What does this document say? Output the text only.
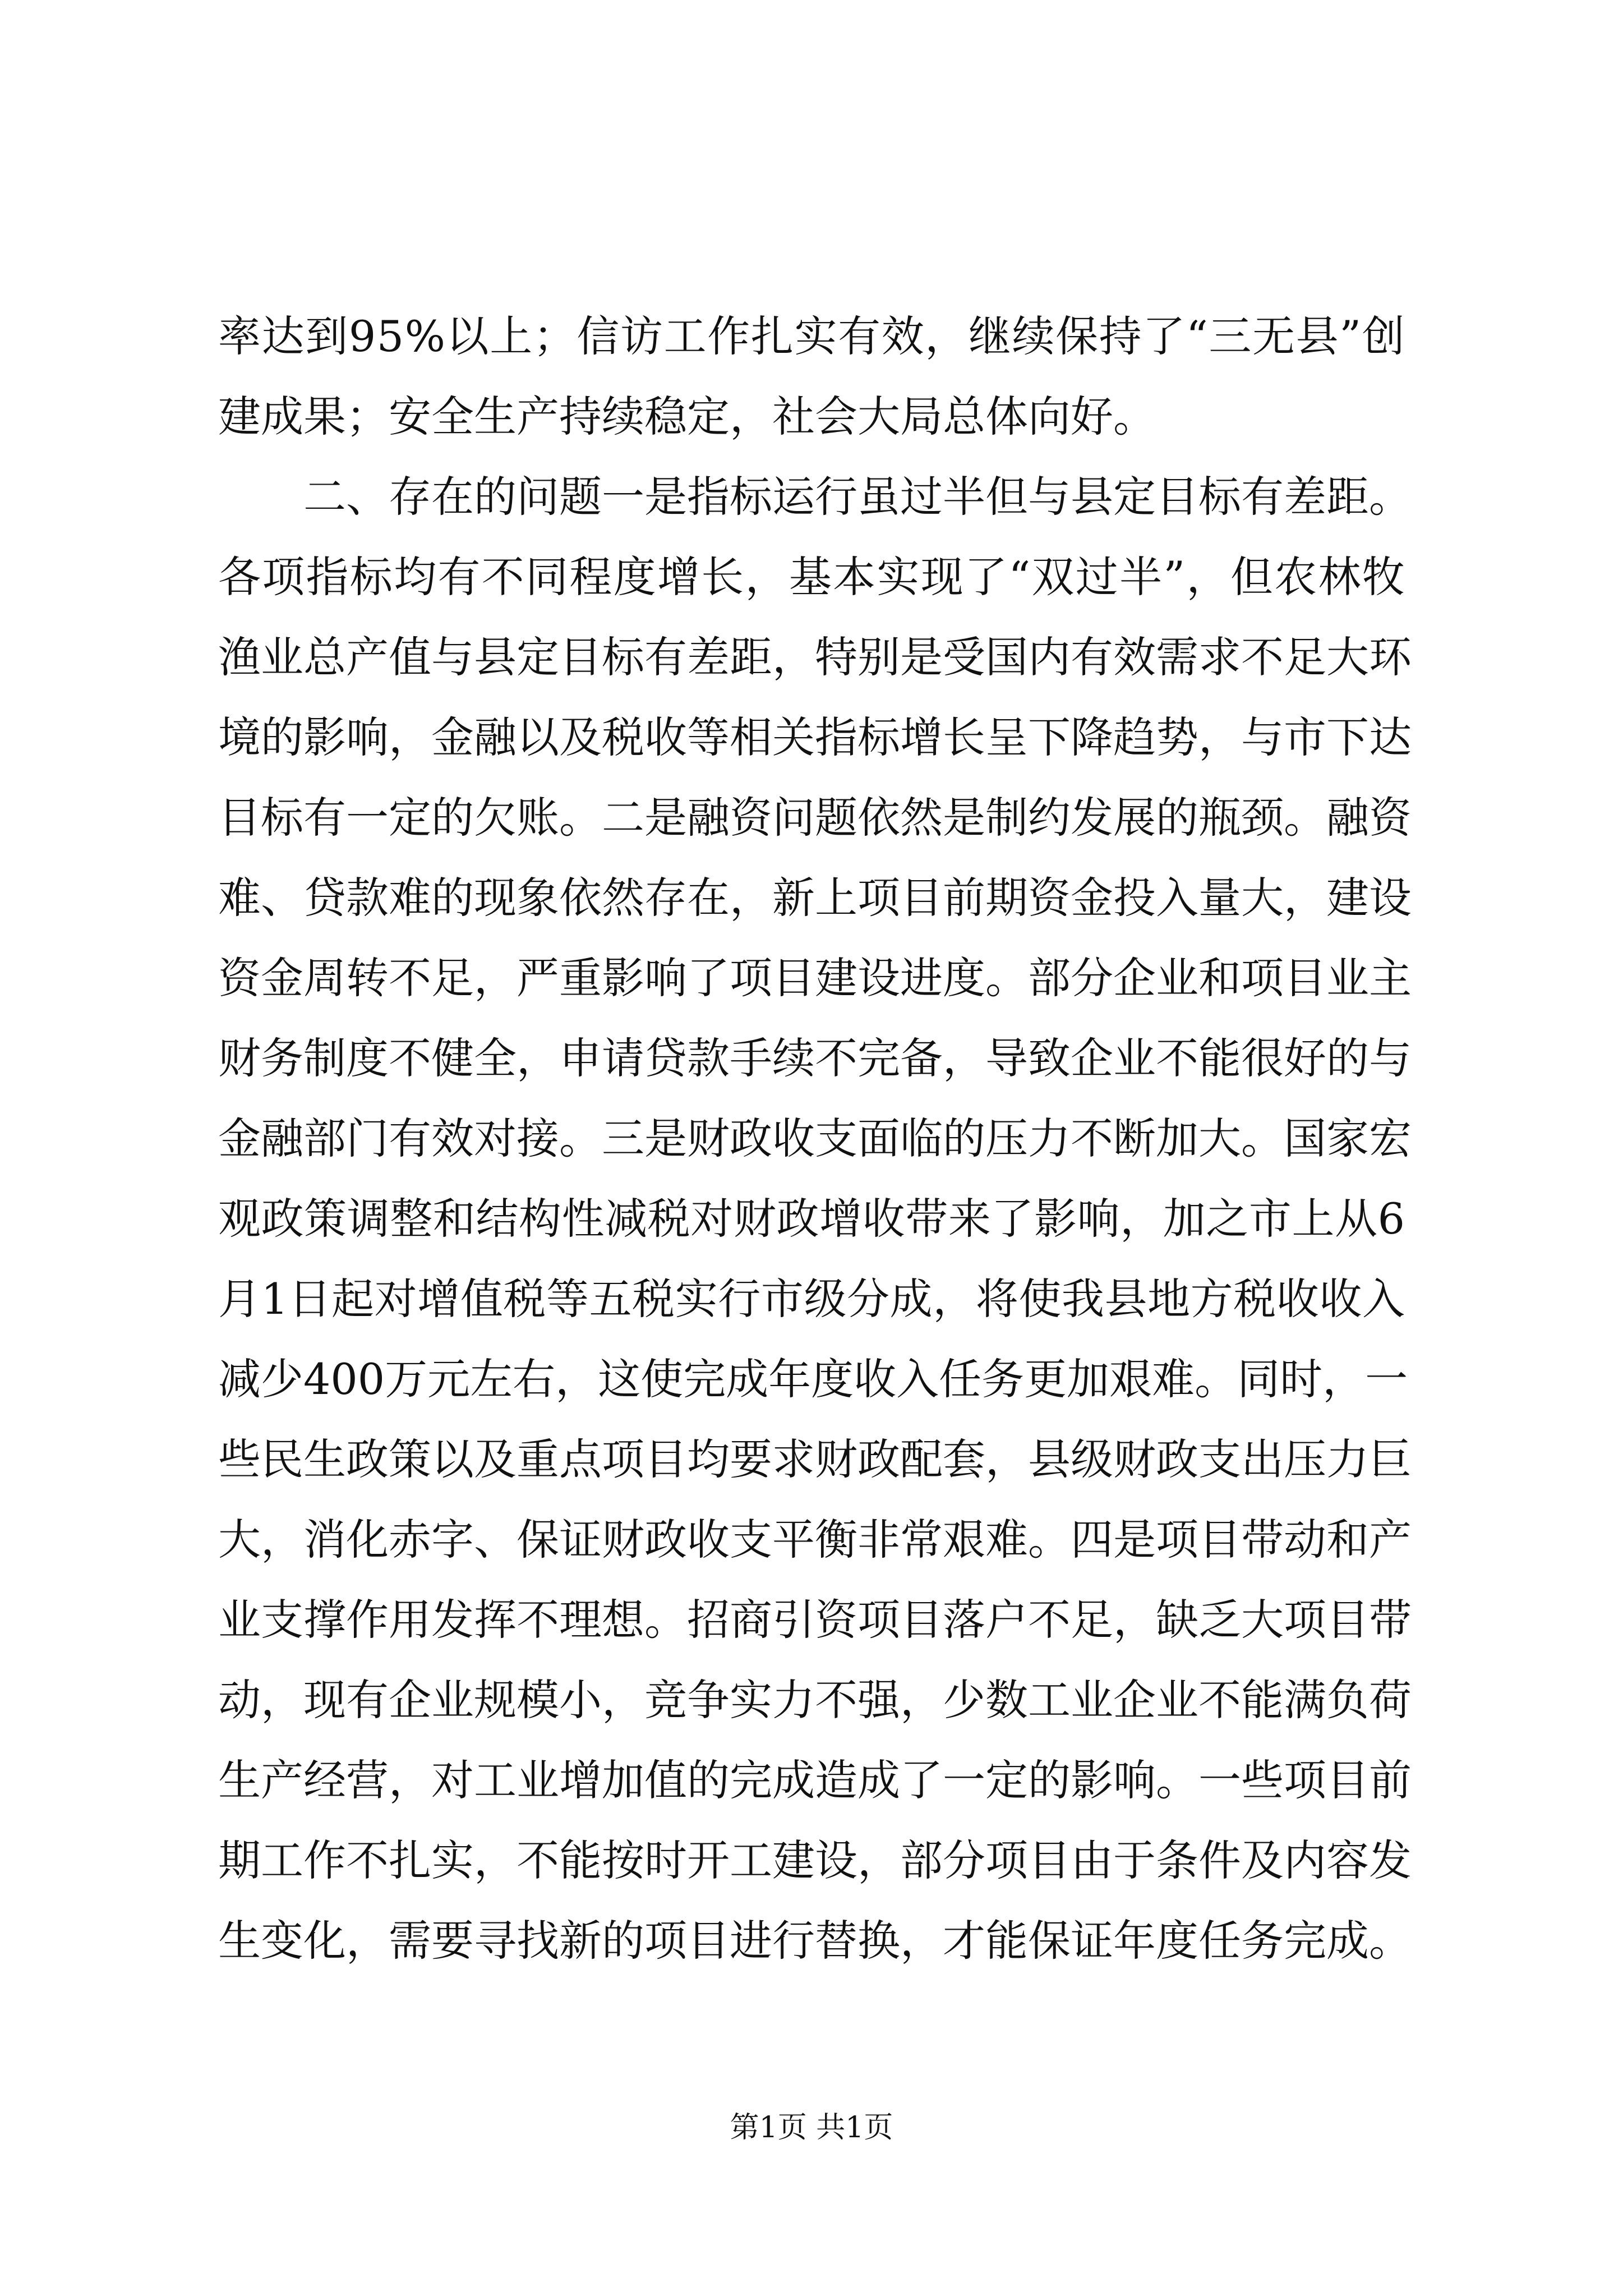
率 达 到 9 5 % 以 上 ； 信 访 工 作 扎 实 有 效 ， 继 续 保 持 了 “ 三 无 县 ” 创
建成果；安全生产持续稳定，社会大局总体向好。
二 、 存 在 的 问 题 一 是 指 标 运 行 虽 过 半 但 与 县 定 目 标 有 差 距 。
各 项 指 标 均 有 不 同 程 度 增 长 ， 基 本 实 现 了 “ 双 过 半 ” ， 但 农 林 牧
渔 业 总 产 值 与 县 定 目 标 有 差 距 ， 特 别 是 受 国 内 有 效 需 求 不 足 大 环
境 的 影 响 ， 金 融 以 及 税 收 等 相 关 指 标 增 长 呈 下 降 趋 势 ， 与 市 下 达
目 标 有 一 定 的 欠 账 。 二 是 融 资 问 题 依 然 是 制 约 发 展 的 瓶 颈 。 融 资
难 、 贷 款 难 的 现 象 依 然 存 在 ， 新 上 项 目 前 期 资 金 投 入 量 大 ， 建 设
资 金 周 转 不 足 ， 严 重 影 响 了 项 目 建 设 进 度 。 部 分 企 业 和 项 目 业 主
财 务 制 度 不 健 全 ， 申 请 贷 款 手 续 不 完 备 ， 导 致 企 业 不 能 很 好 的 与
金 融 部 门 有 效 对 接 。 三 是 财 政 收 支 面 临 的 压 力 不 断 加 大 。 国 家 宏
观 政 策 调 整 和 结 构 性 减 税 对 财 政 增 收 带 来 了 影 响 ， 加 之 市 上 从 6
月 1 日 起 对 增 值 税 等 五 税 实 行 市 级 分 成 ， 将 使 我 县 地 方 税 收 收 入
减 少 4 0 0 万 元 左 右 ， 这 使 完 成 年 度 收 入 任 务 更 加 艰 难 。 同 时 ， 一
些 民 生 政 策 以 及 重 点 项 目 均 要 求 财 政 配 套 ， 县 级 财 政 支 出 压 力 巨
大 ， 消 化 赤 字 、 保 证 财 政 收 支 平 衡 非 常 艰 难 。 四 是 项 目 带 动 和 产
业 支 撑 作 用 发 挥 不 理 想 。 招 商 引 资 项 目 落 户 不 足 ， 缺 乏 大 项 目 带
动 ， 现 有 企 业 规 模 小 ， 竞 争 实 力 不 强 ， 少 数 工 业 企 业 不 能 满 负 荷
生 产 经 营 ， 对 工 业 增 加 值 的 完 成 造 成 了 一 定 的 影 响 。 一 些 项 目 前
期 工 作 不 扎 实 ， 不 能 按 时 开 工 建 设 ， 部 分 项 目 由 于 条 件 及 内 容 发
生 变 化 ， 需 要 寻 找 新 的 项 目 进 行 替 换 ， 才 能 保 证 年 度 任 务 完 成 。
第1页 共1页
